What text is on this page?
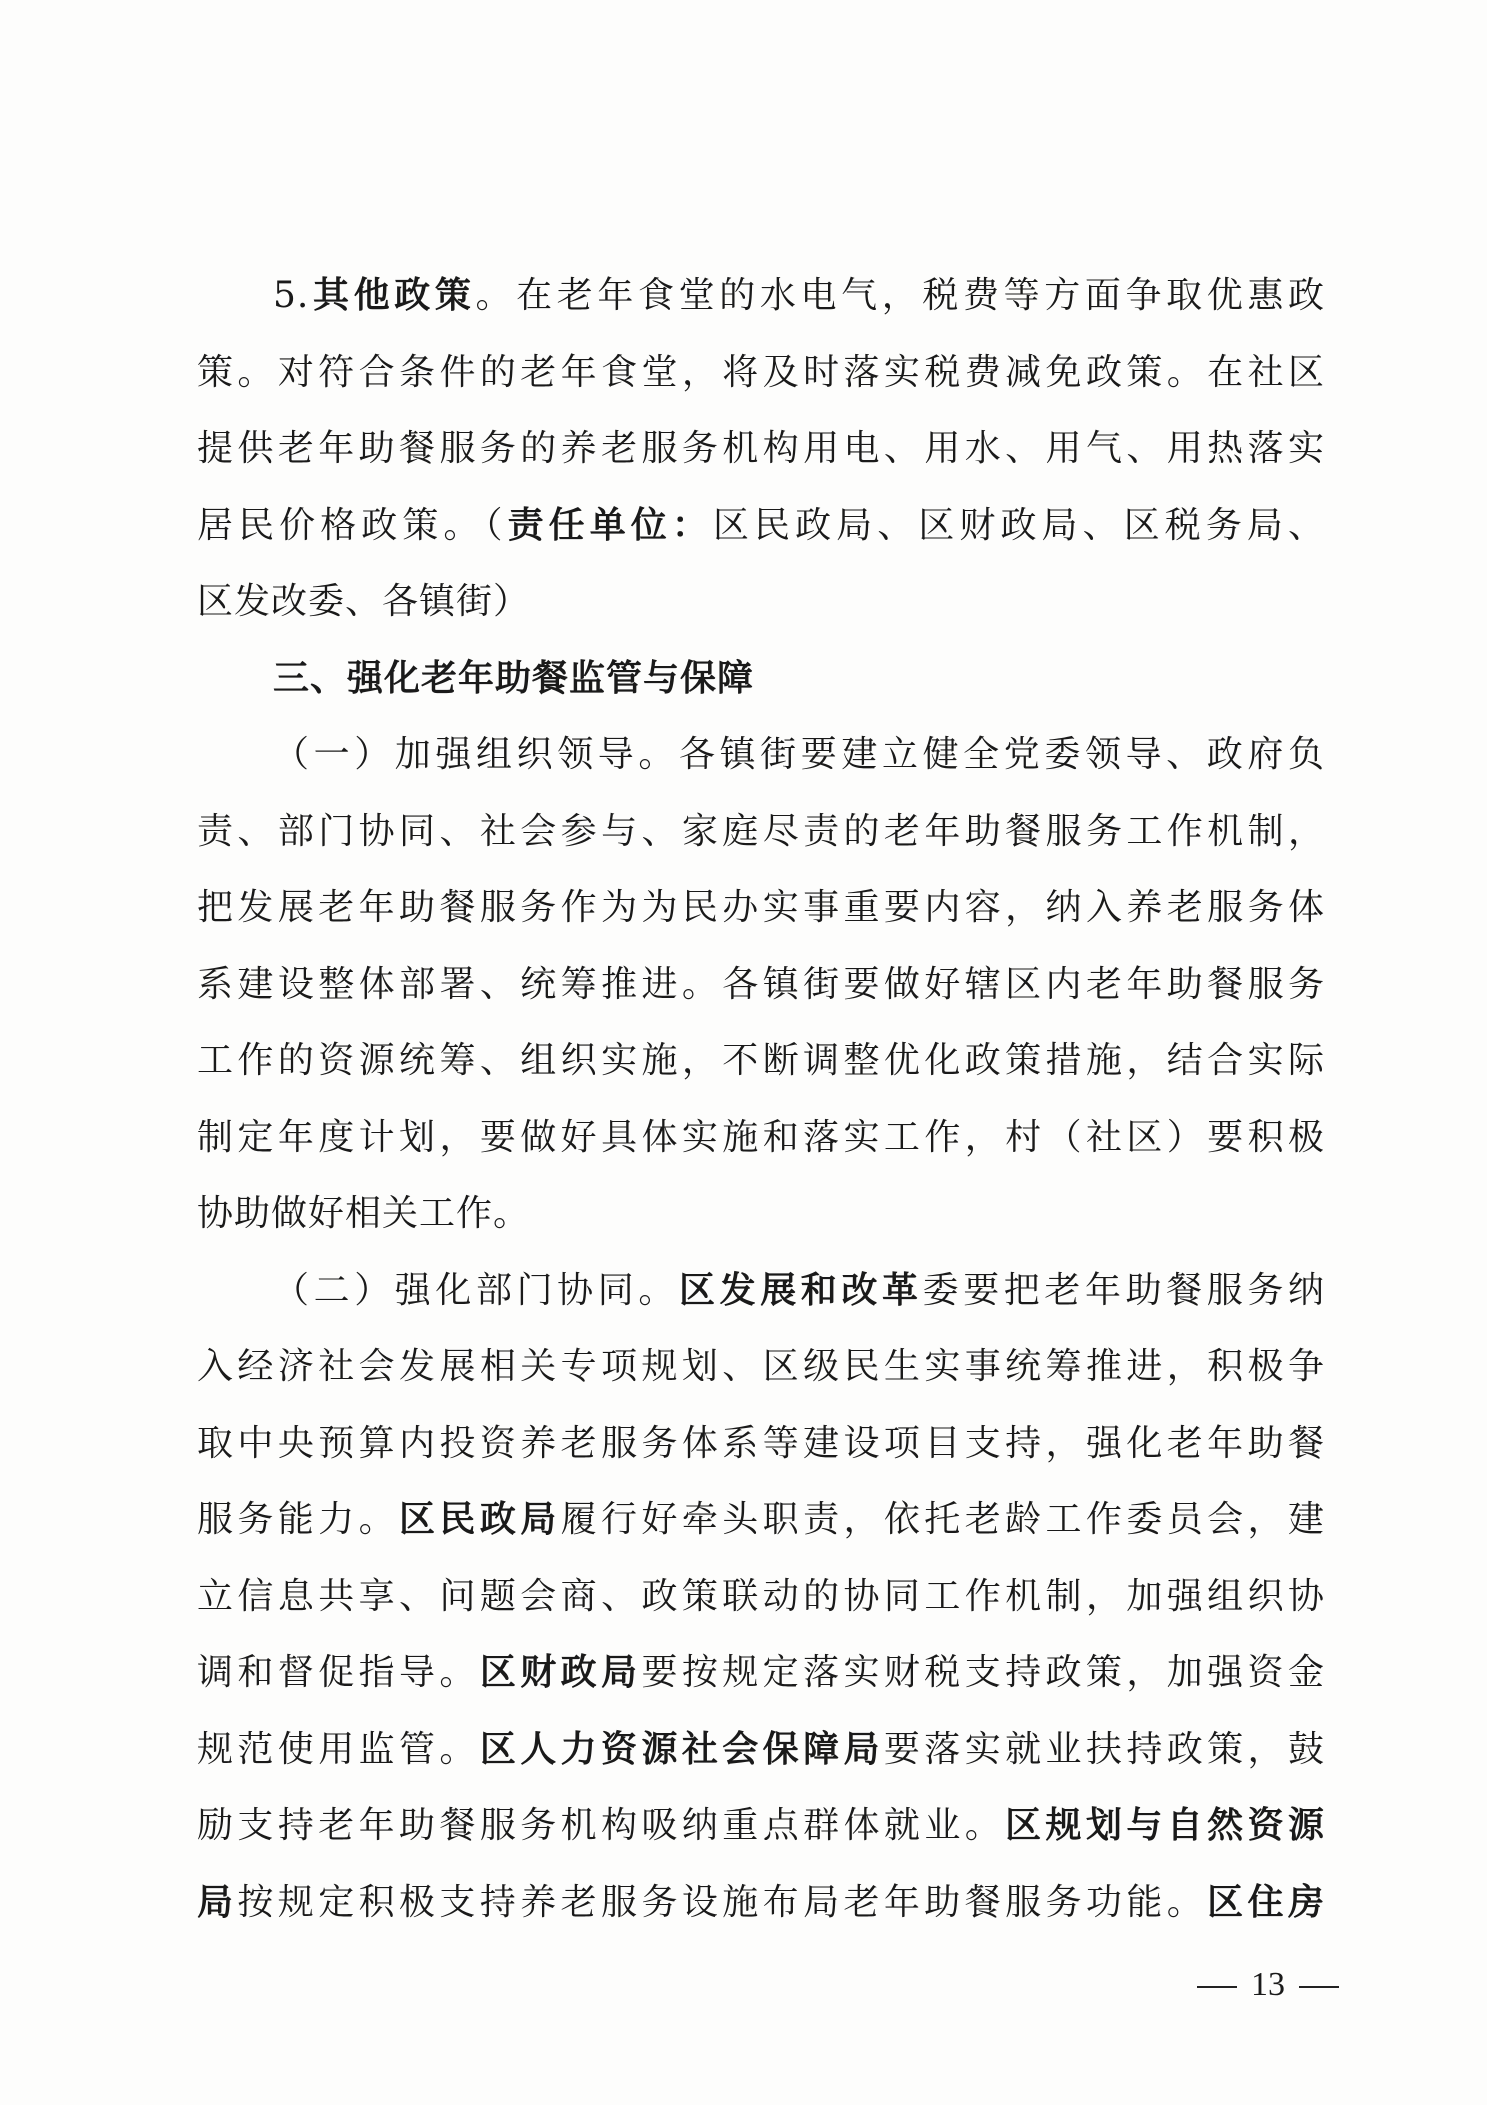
5.其他政策。在老年食堂的水电气，税费等方面争取优惠政
策。对符合条件的老年食堂，将及时落实税费减免政策。在社区
提供老年助餐服务的养老服务机构用电、用水、用气、用热落实
居民价格政策。（责任单位：区民政局、区财政局、区税务局、
区发改委、各镇街）
三、强化老年助餐监管与保障
（一）加强组织领导。各镇街要建立健全党委领导、政府负
责、部门协同、社会参与、家庭尽责的老年助餐服务工作机制，
把发展老年助餐服务作为为民办实事重要内容，纳入养老服务体
系建设整体部署、统筹推进。各镇街要做好辖区内老年助餐服务
工作的资源统筹、组织实施，不断调整优化政策措施，结合实际
制定年度计划，要做好具体实施和落实工作，村（社区）要积极
协助做好相关工作。
（二）强化部门协同。区发展和改革委要把老年助餐服务纳
入经济社会发展相关专项规划、区级民生实事统筹推进，积极争
取中央预算内投资养老服务体系等建设项目支持，强化老年助餐
服务能力。区民政局履行好牵头职责，依托老龄工作委员会，建
立信息共享、问题会商、政策联动的协同工作机制，加强组织协
调和督促指导。区财政局要按规定落实财税支持政策，加强资金
规范使用监管。区人力资源社会保障局要落实就业扶持政策，鼓
励支持老年助餐服务机构吸纳重点群体就业。区规划与自然资源
局按规定积极支持养老服务设施布局老年助餐服务功能。区住房
13
